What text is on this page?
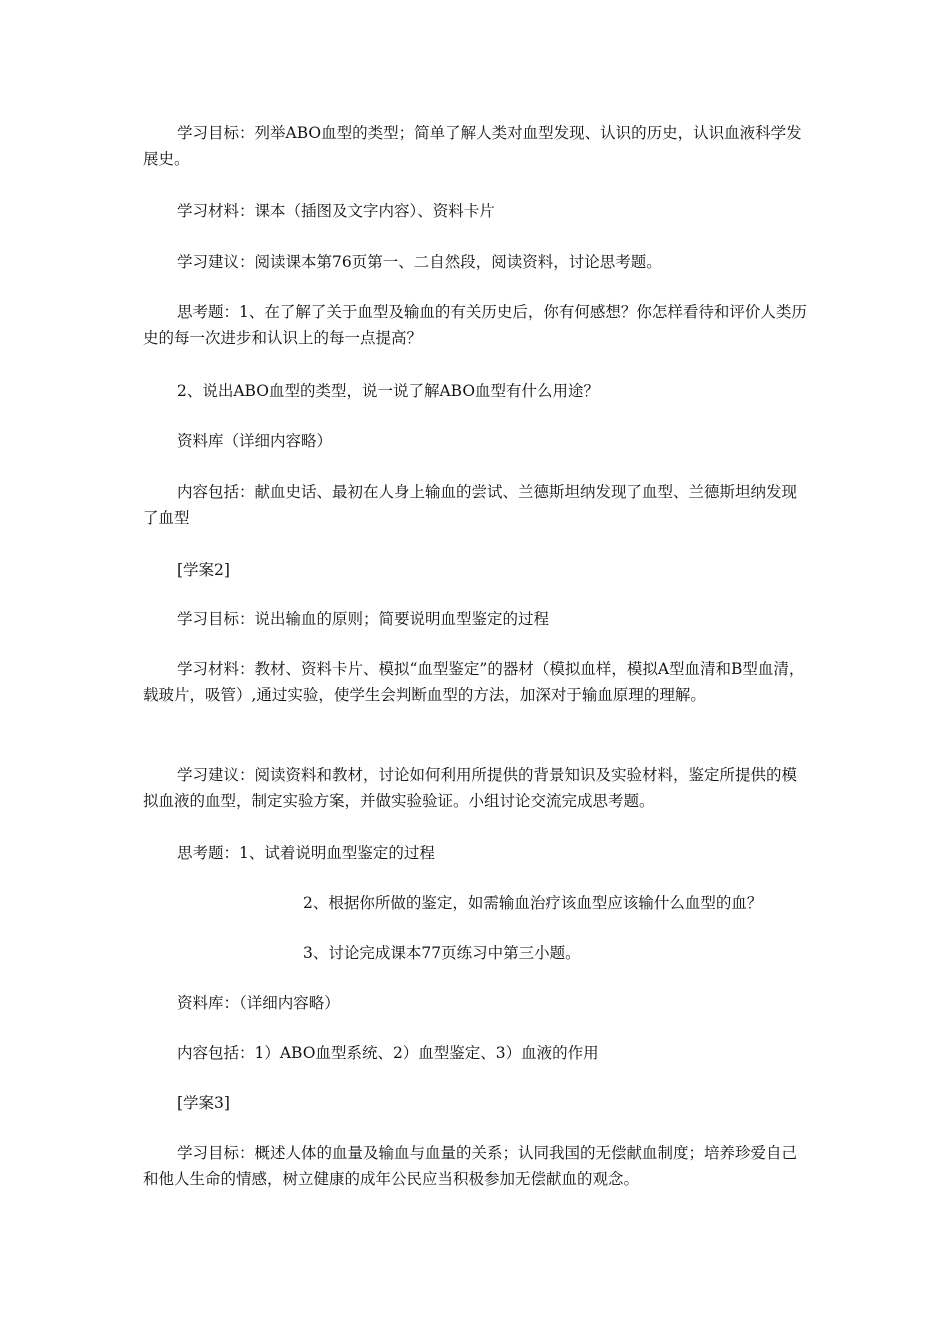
学习目标：列举ABO血型的类型；简单了解人类对血型发现、认识的历史，认识血液科学发展史。

学习材料：课本（插图及文字内容）、资料卡片

学习建议：阅读课本第76页第一、二自然段，阅读资料，讨论思考题。

思考题：1、在了解了关于血型及输血的有关历史后，你有何感想？你怎样看待和评价人类历史的每一次进步和认识上的每一点提高？

2、说出ABO血型的类型，说一说了解ABO血型有什么用途？

资料库（详细内容略）

内容包括：献血史话、最初在人身上输血的尝试、兰德斯坦纳发现了血型、兰德斯坦纳发现了血型

[学案2]

学习目标：说出输血的原则；简要说明血型鉴定的过程

学习材料：教材、资料卡片、模拟“血型鉴定”的器材（模拟血样，模拟A型血清和B型血清，载玻片，吸管）,通过实验，使学生会判断血型的方法，加深对于输血原理的理解。

学习建议：阅读资料和教材，讨论如何利用所提供的背景知识及实验材料，鉴定所提供的模拟血液的血型，制定实验方案，并做实验验证。小组讨论交流完成思考题。

思考题：1、试着说明血型鉴定的过程

2、根据你所做的鉴定，如需输血治疗该血型应该输什么血型的血？

3、讨论完成课本77页练习中第三小题。

资料库：（详细内容略）

内容包括：1）ABO血型系统、2）血型鉴定、3）血液的作用

[学案3]

学习目标：概述人体的血量及输血与血量的关系；认同我国的无偿献血制度；培养珍爱自己和他人生命的情感，树立健康的成年公民应当积极参加无偿献血的观念。
